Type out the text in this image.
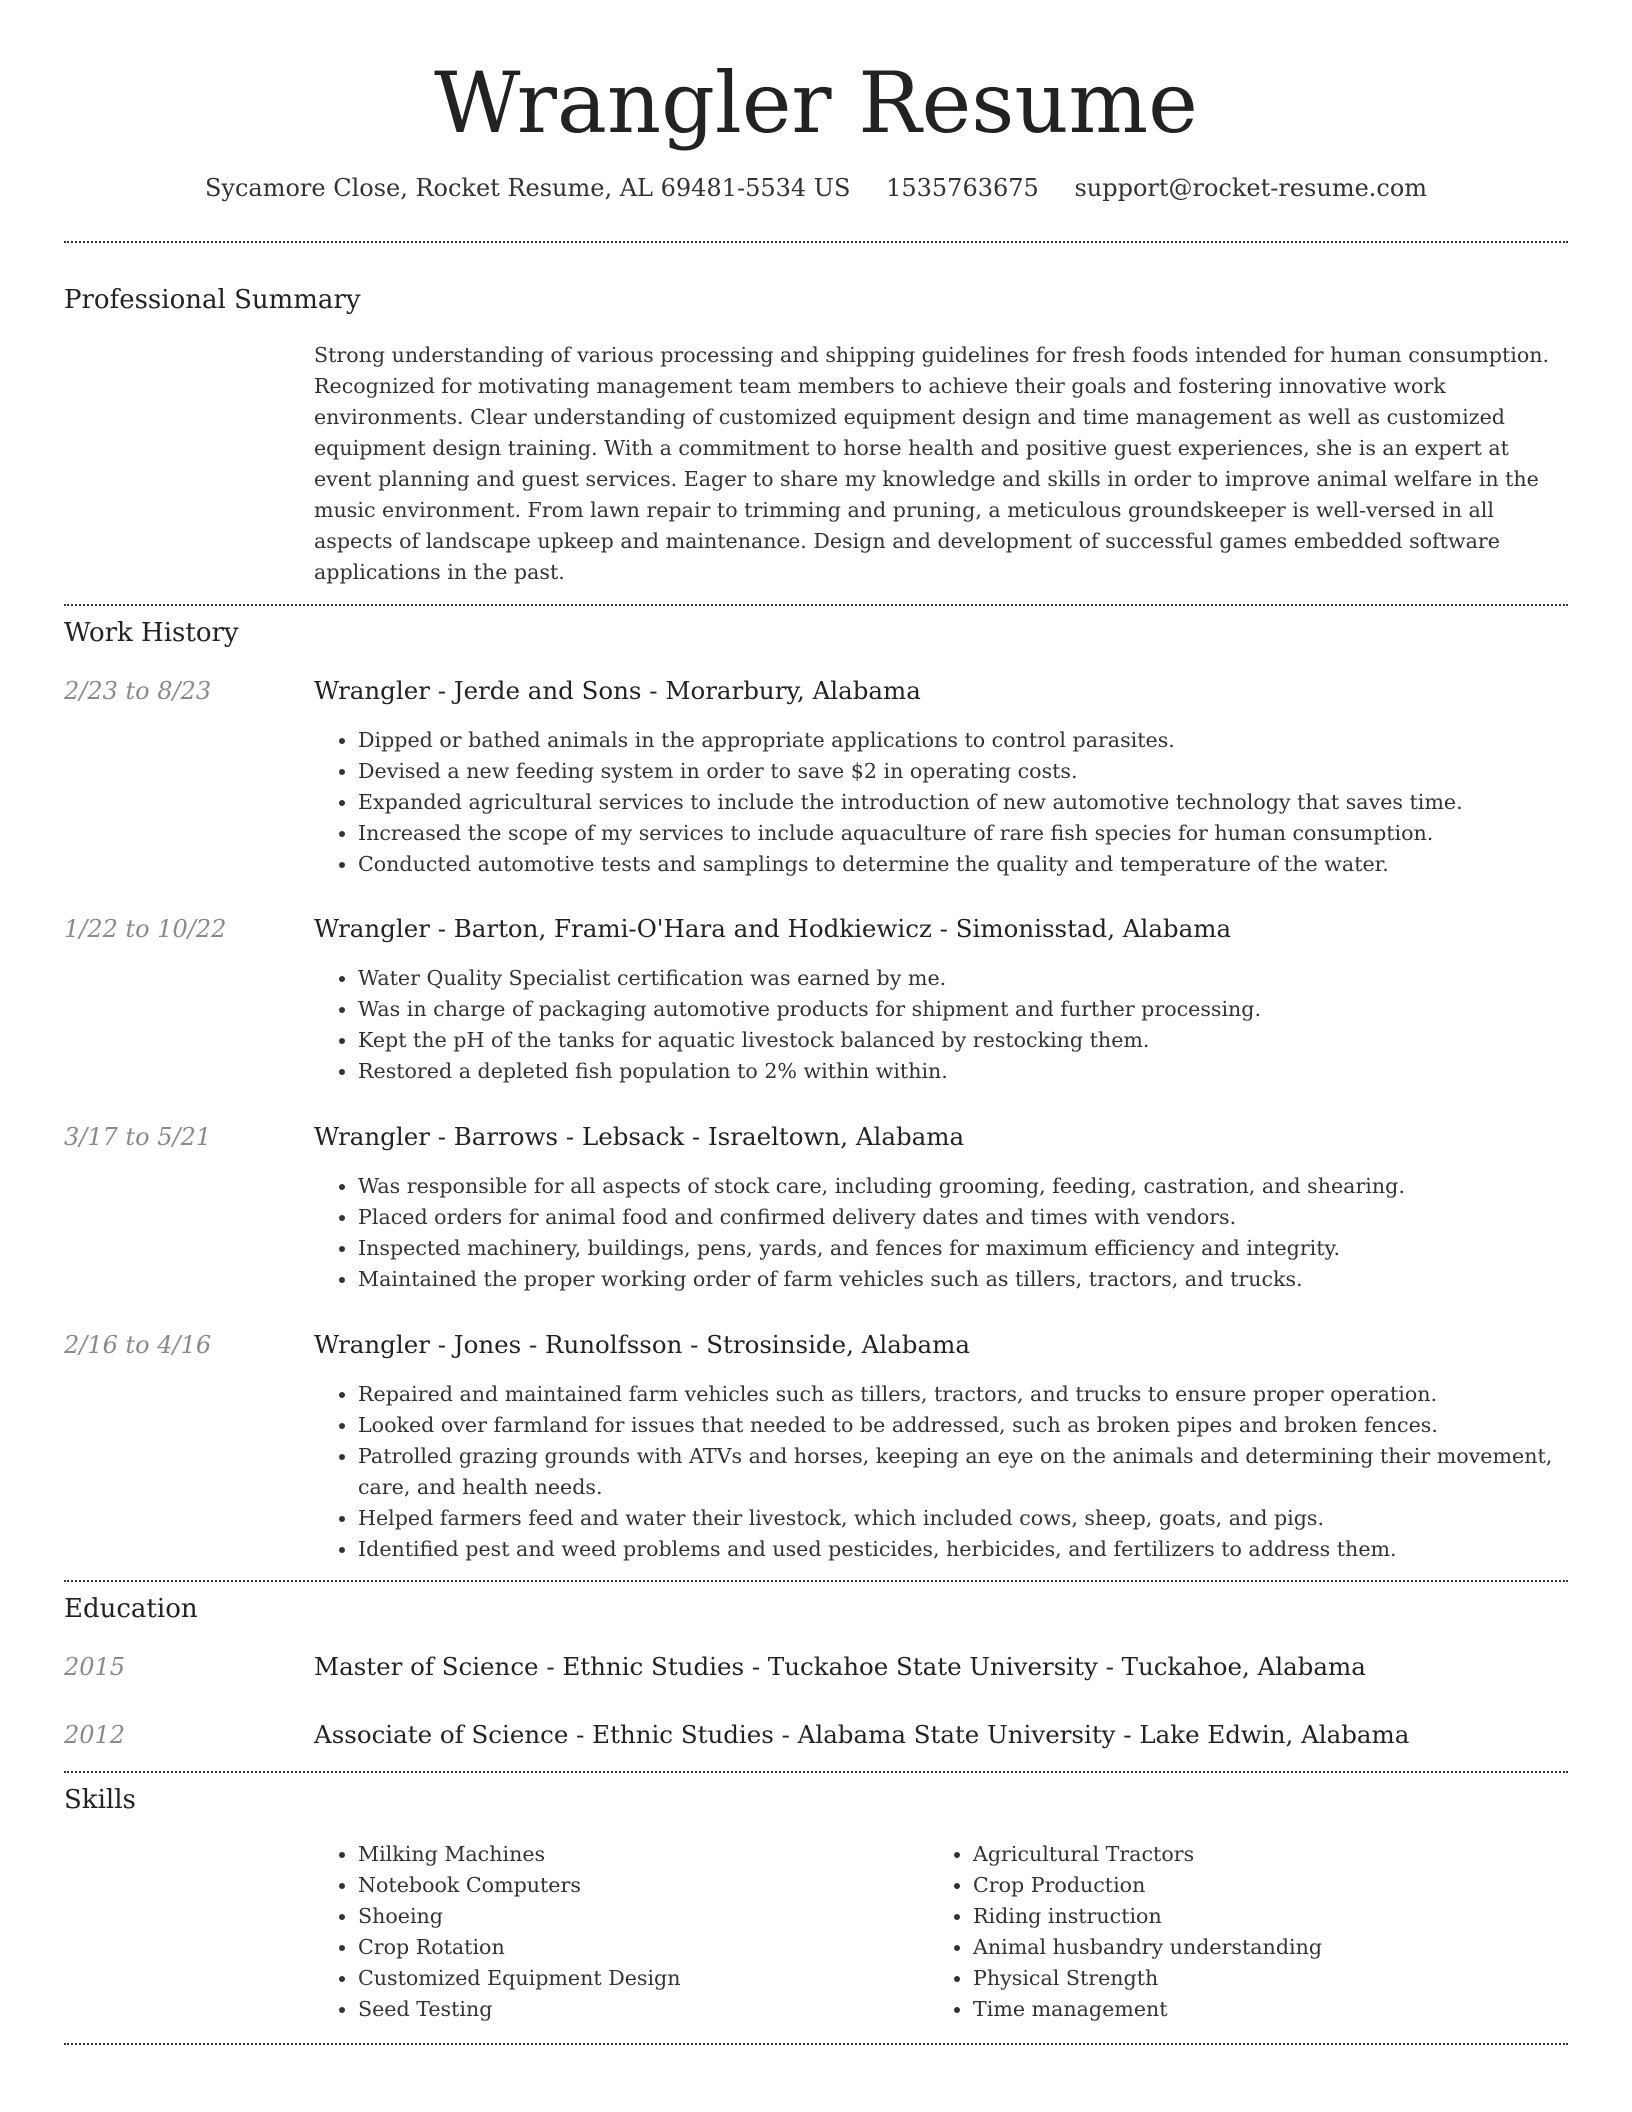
Wrangler Resume
Sycamore Close, Rocket Resume, AL 69481-5534 US 1535763675 support@rocket-resume.com
Professional Summary

Strong understanding of various processing and shipping guidelines for fresh foods intended for human consumption. Recognized for motivating management team members to achieve their goals and fostering innovative work environments. Clear understanding of customized equipment design and time management as well as customized equipment design training. With a commitment to horse health and positive guest experiences, she is an expert at event planning and guest services. Eager to share my knowledge and skills in order to improve animal welfare in the music environment. From lawn repair to trimming and pruning, a meticulous groundskeeper is well-versed in all aspects of landscape upkeep and maintenance. Design and development of successful games embedded software applications in the past.

Work History
2/23 to 8/23	Wrangler - Jerde and Sons - Morarbury, Alabama
• Dipped or bathed animals in the appropriate applications to control parasites.
• Devised a new feeding system in order to save $2 in operating costs.
• Expanded agricultural services to include the introduction of new automotive technology that saves time.
• Increased the scope of my services to include aquaculture of rare fish species for human consumption.
• Conducted automotive tests and samplings to determine the quality and temperature of the water.
1/22 to 10/22	Wrangler - Barton, Frami-O'Hara and Hodkiewicz - Simonisstad, Alabama
• Water Quality Specialist certification was earned by me.
• Was in charge of packaging automotive products for shipment and further processing.
• Kept the pH of the tanks for aquatic livestock balanced by restocking them.
• Restored a depleted fish population to 2% within within.
3/17 to 5/21	Wrangler - Barrows - Lebsack - Israeltown, Alabama
• Was responsible for all aspects of stock care, including grooming, feeding, castration, and shearing.
• Placed orders for animal food and confirmed delivery dates and times with vendors.
• Inspected machinery, buildings, pens, yards, and fences for maximum efficiency and integrity.
• Maintained the proper working order of farm vehicles such as tillers, tractors, and trucks.
2/16 to 4/16	Wrangler - Jones - Runolfsson - Strosinside, Alabama
• Repaired and maintained farm vehicles such as tillers, tractors, and trucks to ensure proper operation.
• Looked over farmland for issues that needed to be addressed, such as broken pipes and broken fences.
• Patrolled grazing grounds with ATVs and horses, keeping an eye on the animals and determining their movement, care, and health needs.
• Helped farmers feed and water their livestock, which included cows, sheep, goats, and pigs.
• Identified pest and weed problems and used pesticides, herbicides, and fertilizers to address them.
Education
2015	Master of Science - Ethnic Studies - Tuckahoe State University - Tuckahoe, Alabama
2012	Associate of Science - Ethnic Studies - Alabama State University - Lake Edwin, Alabama
Skills
• Milking Machines
• Notebook Computers
• Shoeing
• Crop Rotation
• Customized Equipment Design
• Seed Testing
• Agricultural Tractors
• Crop Production
• Riding instruction
• Animal husbandry understanding
• Physical Strength
• Time management
